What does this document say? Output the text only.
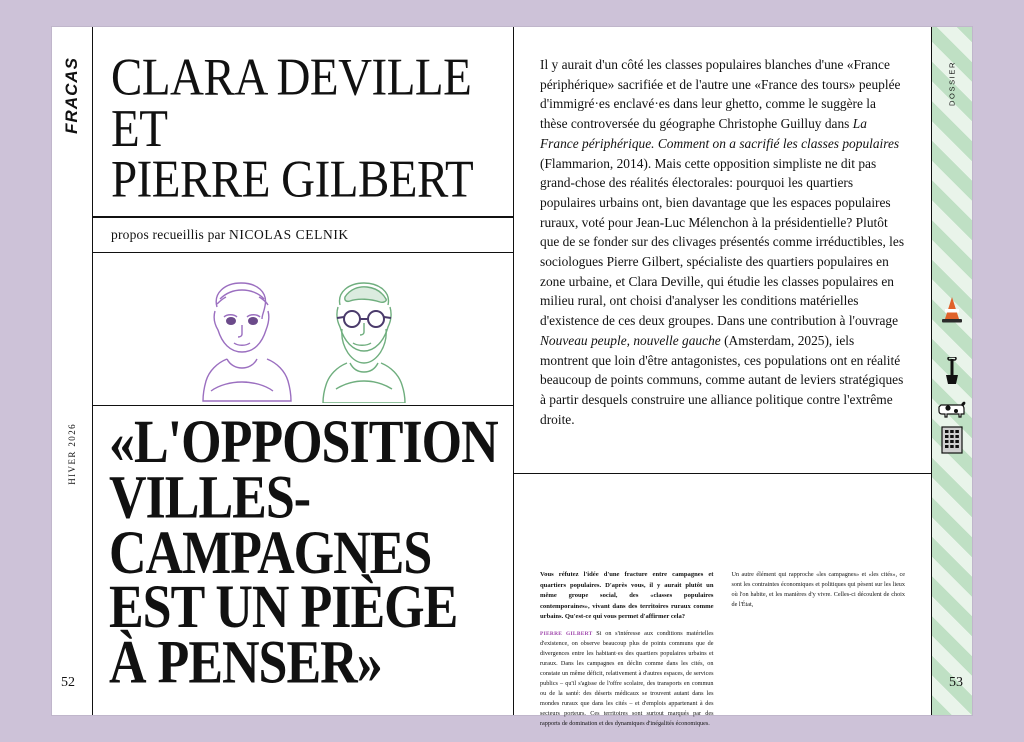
FRACAS
HIVER 2026
52
CLARA DEVILLE
ET
PIERRE GILBERT
propos recueillis par NICOLAS CELNIK

«L'OPPOSITION VILLES-CAMPAGNES EST UN PIÈGE À PENSER»

Il y aurait d'un côté les classes populaires blanches d'une «France périphérique» sacrifiée et de l'autre une «France des tours» peuplée d'immigré·es enclavé·es dans leur ghetto, comme le suggère la thèse controversée du géographe Christophe Guilluy dans La France périphérique. Comment on a sacrifié les classes populaires (Flammarion, 2014). Mais cette opposition simpliste ne dit pas grand-chose des réalités électorales: pourquoi les quartiers populaires urbains ont, bien davantage que les espaces populaires ruraux, voté pour Jean-Luc Mélenchon à la présidentielle? Plutôt que de se fonder sur des clivages présentés comme irréductibles, les sociologues Pierre Gilbert, spécialiste des quartiers populaires en zone urbaine, et Clara Deville, qui étudie les classes populaires en milieu rural, ont choisi d'analyser les conditions matérielles d'existence de ces deux groupes. Dans une contribution à l'ouvrage Nouveau peuple, nouvelle gauche (Amsterdam, 2025), iels montrent que loin d'être antagonistes, ces populations ont en réalité beaucoup de points communs, comme autant de leviers stratégiques à partir desquels construire une alliance politique contre l'extrême droite.
Vous réfutez l'idée d'une fracture entre campagnes et quartiers populaires. D'après vous, il y aurait plutôt un même groupe social, des «classes populaires contemporaines», vivant dans des territoires ruraux comme urbains. Qu'est-ce qui vous permet d'affirmer cela?
PIERRE GILBERT Si on s'intéresse aux conditions matérielles d'existence, on observe beaucoup plus de points communs que de divergences entre les habitant·es des quartiers populaires urbains et ruraux. Dans les campagnes en déclin comme dans les cités, on constate un même déficit, relativement à d'autres espaces, de services publics – qu'il s'agisse de l'offre scolaire, des transports en commun ou de la santé: des déserts médicaux se trouvent autant dans les mondes ruraux que dans les cités – et d'emplois appartenant à des secteurs porteurs. Ces territoires sont surtout marqués par des rapports de domination et des dynamiques d'inégalités économiques.
Un autre élément qui rapproche «les campagnes» et «les cités», ce sont les contraintes économiques et politiques qui pèsent sur les lieux où l'on habite, et les manières d'y vivre. Celles-ci découlent de choix de l'État,
DOSSIER
53
